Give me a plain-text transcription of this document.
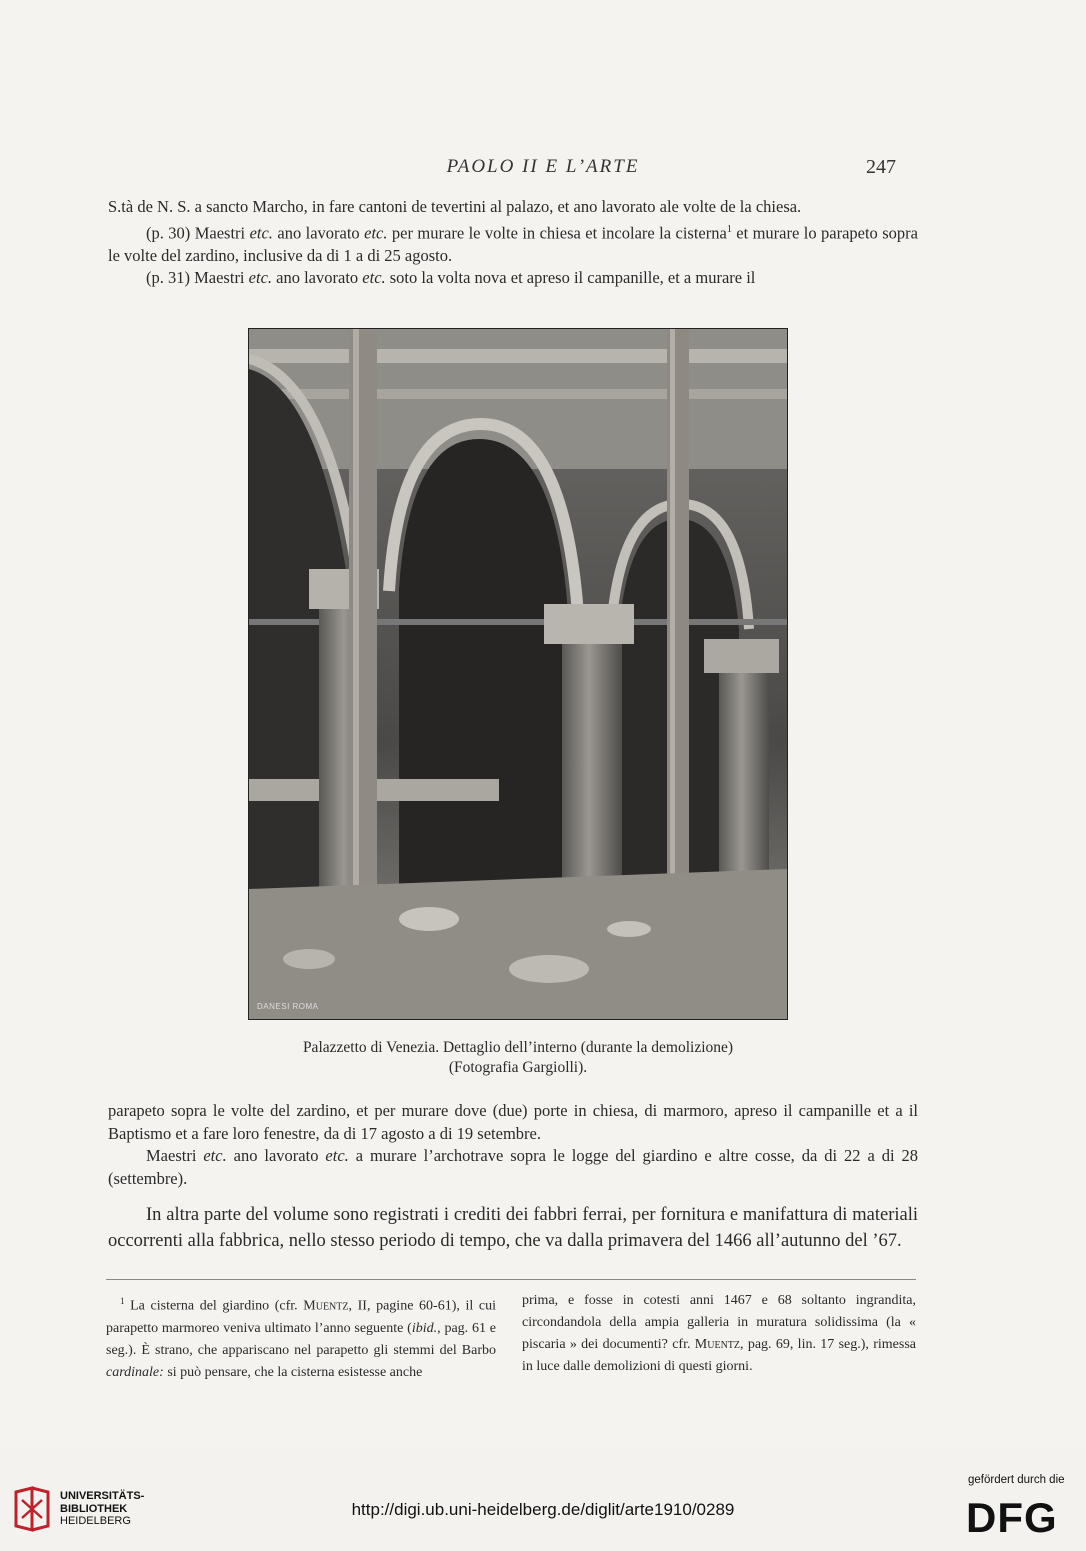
PAOLO II E L’ARTE	247

S.tà de N. S. a sancto Marcho, in fare cantoni de tevertini al palazo, et ano lavorato ale volte de la chiesa.

(p. 30) Maestri etc. ano lavorato etc. per murare le volte in chiesa et incolare la cisterna$^1$ et murare lo parapeto sopra le volte del zardino, inclusive da di 1 a di 25 agosto.

(p. 31) Maestri etc. ano lavorato etc. soto la volta nova et apreso il campanille, et a murare il

DANESI ROMA
Palazzetto di Venezia. Dettaglio dell’interno (durante la demolizione)
(Fotografia Gargiolli).

parapeto sopra le volte del zardino, et per murare dove (due) porte in chiesa, di marmoro, apreso il campanille et a il Baptismo et a fare loro fenestre, da di 17 agosto a di 19 setembre.

Maestri etc. ano lavorato etc. a murare l’archotrave sopra le logge del giardino e altre cosse, da di 22 a di 28 (settembre).

In altra parte del volume sono registrati i crediti dei fabbri ferrai, per fornitura e manifattura di materiali occorrenti alla fabbrica, nello stesso periodo di tempo, che va dalla primavera del 1466 all’autunno del ’67.

$^1$ La cisterna del giardino (cfr. Muentz, II, pagine 60-61), il cui parapetto marmoreo veniva ultimato l’anno seguente (ibid., pag. 61 e seg.). È strano, che appariscano nel parapetto gli stemmi del Barbo cardinale: si può pensare, che la cisterna esistesse anche
prima, e fosse in cotesti anni 1467 e 68 soltanto ingrandita, circondandola della ampia galleria in muratura solidissima (la « piscaria » dei documenti? cfr. Muentz, pag. 69, lin. 17 seg.), rimessa in luce dalle demolizioni di questi giorni.
UNIVERSITÄTS-
BIBLIOTHEK
HEIDELBERG
http://digi.ub.uni-heidelberg.de/diglit/arte1910/0289
gefördert durch die
DFG
